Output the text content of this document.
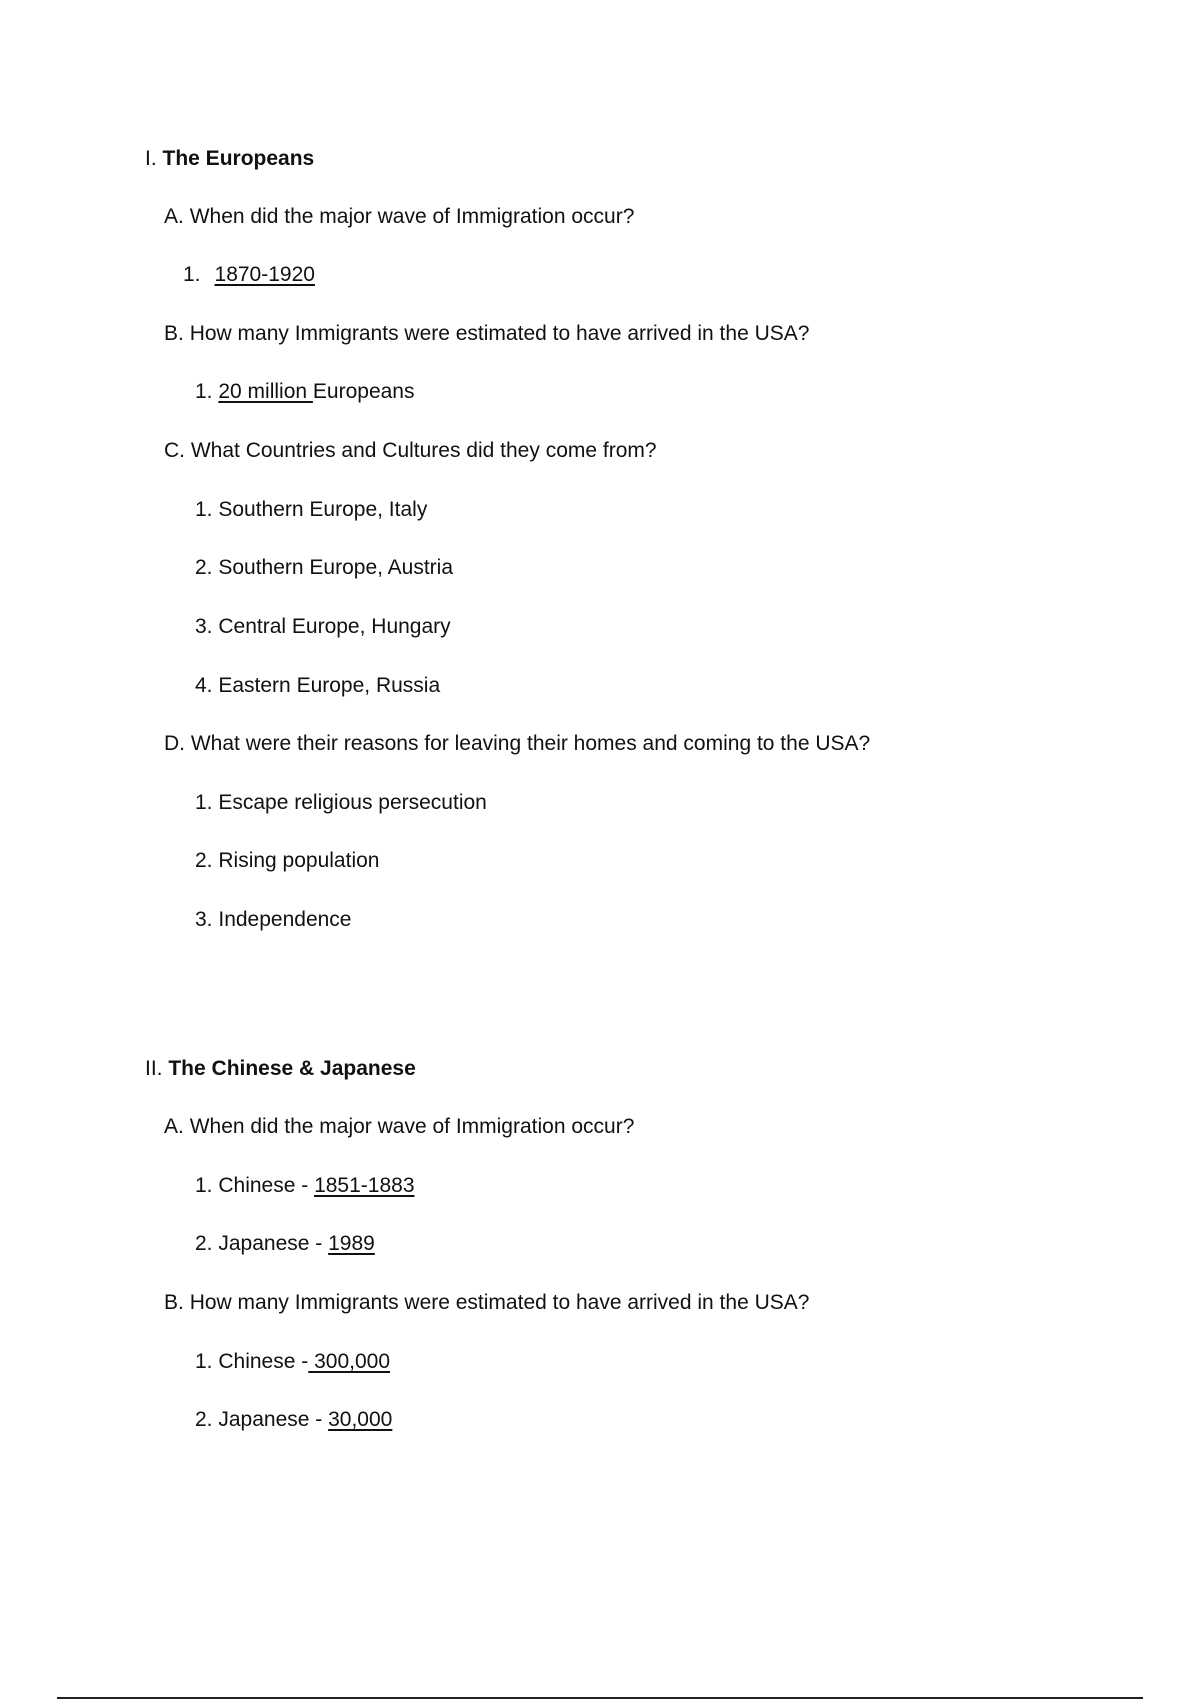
I. The Europeans
A. When did the major wave of Immigration occur?
1. 1870-1920
B. How many Immigrants were estimated to have arrived in the USA?
1. 20 million Europeans
C. What Countries and Cultures did they come from?
1. Southern Europe, Italy
2. Southern Europe, Austria
3. Central Europe, Hungary
4. Eastern Europe, Russia
D. What were their reasons for leaving their homes and coming to the USA?
1. Escape religious persecution
2. Rising population
3. Independence
II. The Chinese & Japanese
A. When did the major wave of Immigration occur?
1. Chinese - 1851-1883
2. Japanese - 1989
B. How many Immigrants were estimated to have arrived in the USA?
1. Chinese - 300,000
2. Japanese - 30,000
